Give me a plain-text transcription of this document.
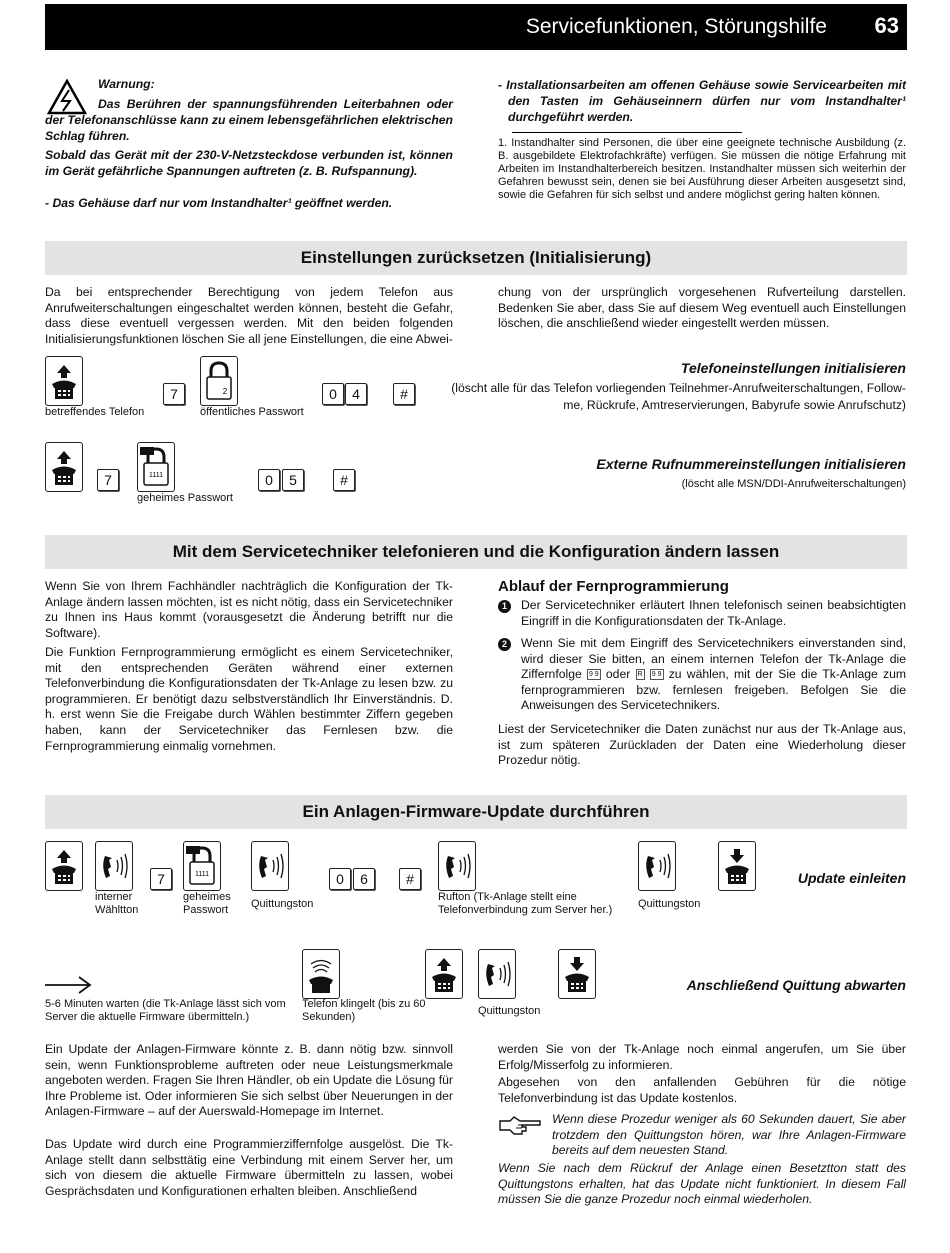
Servicefunktionen, Störungshilfe 63
Warnung:
Das Berühren der spannungsführenden Leiterbahnen oder der Telefonanschlüsse kann zu einem lebensgefährlichen elektrischen Schlag führen.
Sobald das Gerät mit der 230-V-Netzsteckdose verbunden ist, können im Gerät gefährliche Spannungen auftreten (z. B. Rufspannung).
- Das Gehäuse darf nur vom Instandhalter¹ geöffnet werden.
- Installationsarbeiten am offenen Gehäuse sowie Servicearbeiten mit den Tasten im Gehäuseinnern dürfen nur vom Instandhalter¹ durchgeführt werden.
1. Instandhalter sind Personen, die über eine geeignete technische Ausbildung (z. B. ausgebildete Elektrofachkräfte) verfügen. Sie müssen die nötige Erfahrung mit Arbeiten im Instandhalterbereich besitzen. Instandhalter müssen sich weiterhin der Gefahren bewusst sein, denen sie bei Ausführung dieser Arbeiten ausgesetzt sind, sowie die Gefahren für sich selbst und andere möglichst gering halten können.
Einstellungen zurücksetzen (Initialisierung)
Da bei entsprechender Berechtigung von jedem Telefon aus Anrufweiterschaltungen eingeschaltet werden können, besteht die Gefahr, dass diese eventuell vergessen werden. Mit den beiden folgenden Initialisierungsfunktionen löschen Sie all jene Einstellungen, die eine Abwei-
chung von der ursprünglich vorgesehenen Rufverteilung darstellen. Bedenken Sie aber, dass Sie auf diesem Weg eventuell auch Einstellungen löschen, die anschließend wieder eingestellt werden müssen.
betreffendes Telefon
7	2
öffentliches Passwort
0	4	#
Telefoneinstellungen initialisieren
(löscht alle für das Telefon vorliegenden Teilnehmer-Anrufweiterschaltungen, Follow-me, Rückrufe, Amtreservierungen, Babyrufe sowie Anrufschutz)
7	1111
geheimes Passwort
0	5	#
Externe Rufnummereinstellungen initialisieren
(löscht alle MSN/DDI-Anrufweiterschaltungen)
Mit dem Servicetechniker telefonieren und die Konfiguration ändern lassen
Wenn Sie von Ihrem Fachhändler nachträglich die Konfiguration der Tk-Anlage ändern lassen möchten, ist es nicht nötig, dass ein Servicetechniker zu Ihnen ins Haus kommt (vorausgesetzt die Änderung betrifft nur die Software).
Die Funktion Fernprogrammierung ermöglicht es einem Servicetechniker, mit den entsprechenden Geräten während einer externen Telefonverbindung die Konfigurationsdaten der Tk-Anlage zu lesen bzw. zu programmieren. Er benötigt dazu selbstverständlich Ihr Einverständnis. D. h. erst wenn Sie die Freigabe durch Wählen bestimmter Ziffern gegeben haben, kann der Servicetechniker das Fernlesen bzw. die Fernprogrammierung einmalig vornehmen.
Ablauf der Fernprogrammierung
1	Der Servicetechniker erläutert Ihnen telefonisch seinen beabsichtigten Eingriff in die Konfigurationsdaten der Tk-Anlage.

2	Wenn Sie mit dem Eingriff des Servicetechnikers einverstanden sind, wird dieser Sie bitten, an einem internen Telefon der Tk-Anlage die Ziffernfolge 9 9 oder R 9 9 zu wählen, mit der Sie die Tk-Anlage zum fernprogrammieren bzw. fernlesen freigeben. Befolgen Sie die Anweisungen des Servicetechnikers.

Liest der Servicetechniker die Daten zunächst nur aus der Tk-Anlage aus, ist zum späteren Zurückladen der Daten eine Wiederholung dieser Prozedur nötig.
Ein Anlagen-Firmware-Update durchführen
interner Wähltton
7	1111
geheimes Passwort	Quittungston
0	6	#
Rufton (Tk-Anlage stellt eine Telefonverbindung zum Server her.)	Quittungston
Update einleiten
5-6 Minuten warten (die Tk-Anlage lässt sich vom Server die aktuelle Firmware übermitteln.)
Telefon klingelt (bis zu 60 Sekunden)	Quittungston
Anschließend Quittung abwarten
Ein Update der Anlagen-Firmware könnte z. B. dann nötig bzw. sinnvoll sein, wenn Funktionsprobleme auftreten oder neue Leistungsmerkmale angeboten werden. Fragen Sie Ihren Händler, ob ein Update die Lösung für Ihre Probleme ist. Oder informieren Sie sich selbst über Neuerungen in der Anlagen-Firmware – auf der Auerswald-Homepage im Internet.
Das Update wird durch eine Programmierziffernfolge ausgelöst. Die Tk-Anlage stellt dann selbsttätig eine Verbindung mit einem Server her, um sich von diesem die aktuelle Firmware übermitteln zu lassen, wobei Gesprächsdaten und Konfigurationen erhalten bleiben. Anschließend
werden Sie von der Tk-Anlage noch einmal angerufen, um Sie über Erfolg/Misserfolg zu informieren.
Abgesehen von den anfallenden Gebühren für die nötige Telefonverbindung ist das Update kostenlos.
Wenn diese Prozedur weniger als 60 Sekunden dauert, Sie aber trotzdem den Quittungston hören, war Ihre Anlagen-Firmware bereits auf dem neuesten Stand.
Wenn Sie nach dem Rückruf der Anlage einen Besetztton statt des Quittungstons erhalten, hat das Update nicht funktioniert. In diesem Fall müssen Sie die ganze Prozedur noch einmal wiederholen.
